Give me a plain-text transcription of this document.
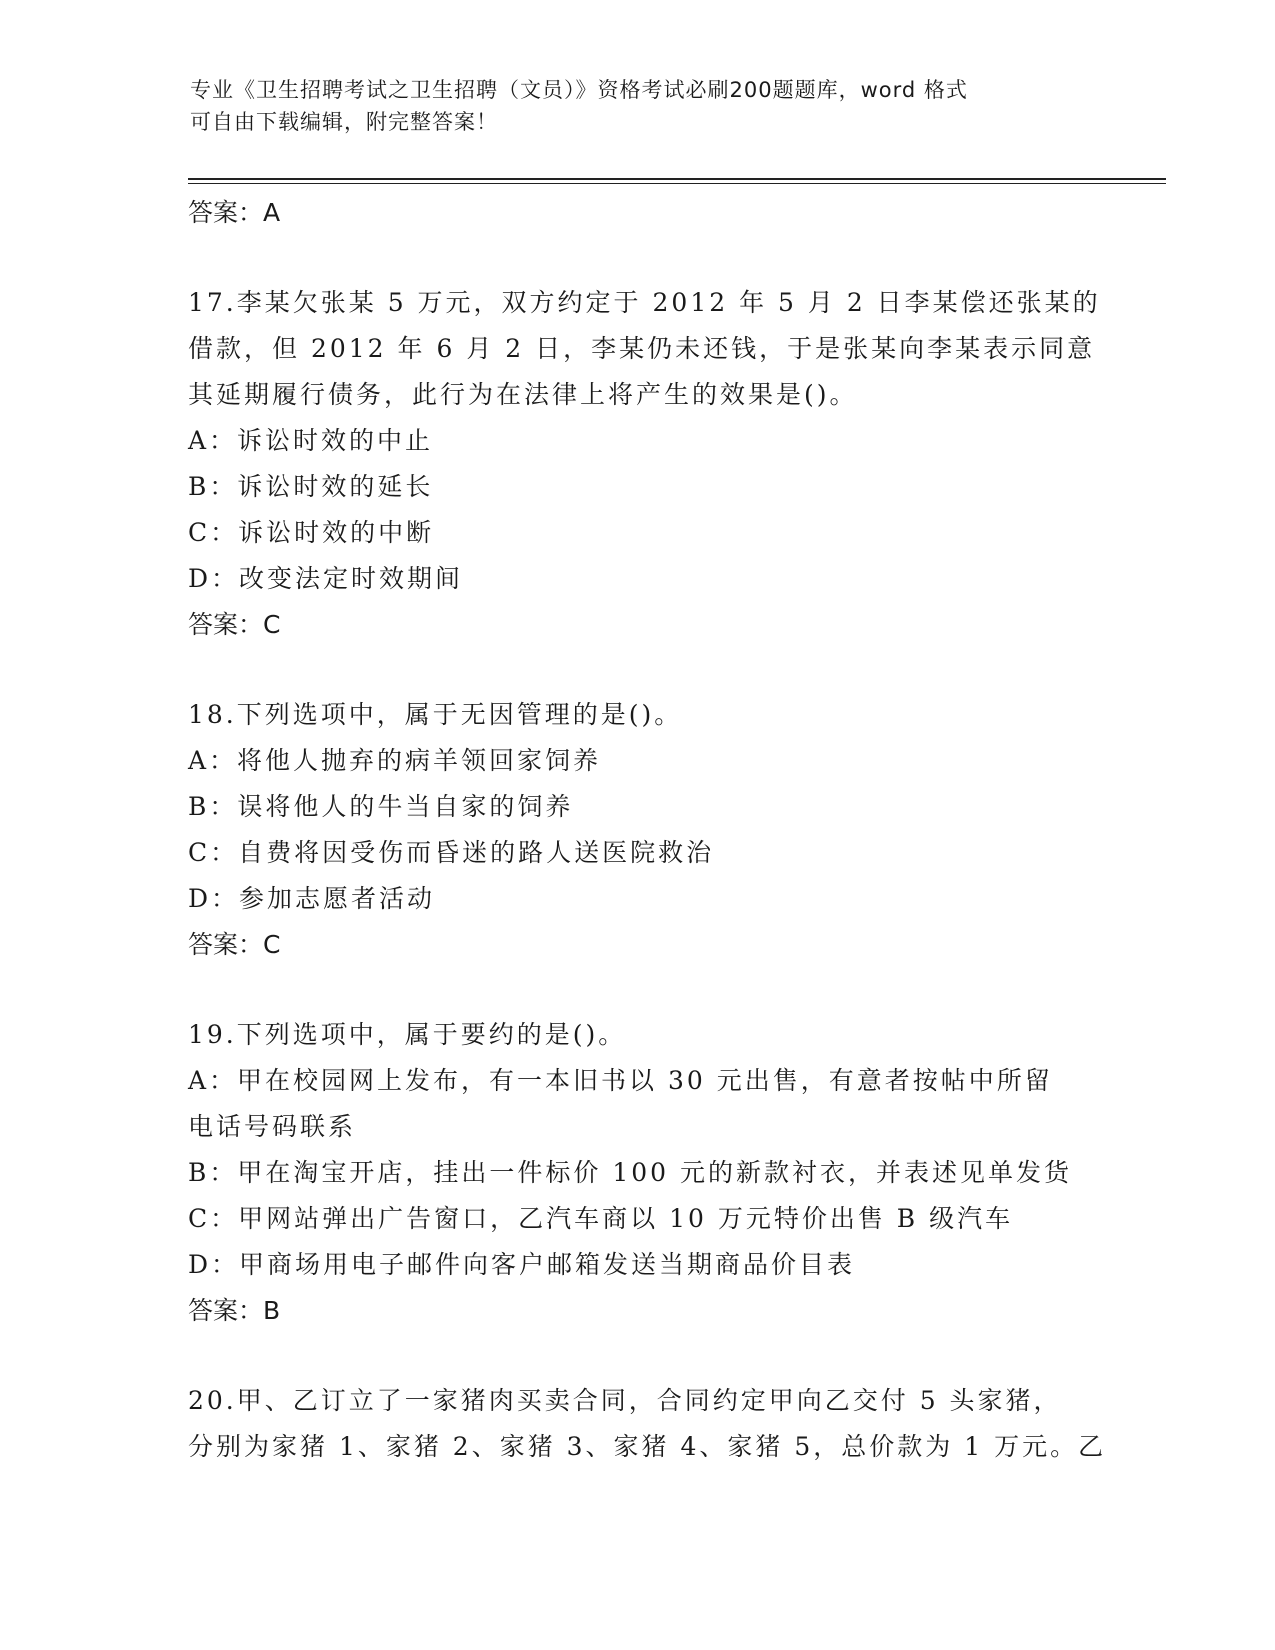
专业《卫生招聘考试之卫生招聘（文员）》资格考试必刷200题题库，word 格式
可自由下载编辑，附完整答案！
答案：A
17.李某欠张某 5 万元，双方约定于 2012 年 5 月 2 日李某偿还张某的
借款，但 2012 年 6 月 2 日，李某仍未还钱，于是张某向李某表示同意
其延期履行债务，此行为在法律上将产生的效果是()。
A：诉讼时效的中止
B：诉讼时效的延长
C：诉讼时效的中断
D：改变法定时效期间
答案：C
18.下列选项中，属于无因管理的是()。
A：将他人抛弃的病羊领回家饲养
B：误将他人的牛当自家的饲养
C：自费将因受伤而昏迷的路人送医院救治
D：参加志愿者活动
答案：C
19.下列选项中，属于要约的是()。
A：甲在校园网上发布，有一本旧书以 30 元出售，有意者按帖中所留
电话号码联系
B：甲在淘宝开店，挂出一件标价 100 元的新款衬衣，并表述见单发货
C：甲网站弹出广告窗口，乙汽车商以 10 万元特价出售 B 级汽车
D：甲商场用电子邮件向客户邮箱发送当期商品价目表
答案：B
20.甲、乙订立了一家猪肉买卖合同，合同约定甲向乙交付 5 头家猪，
分别为家猪 1、家猪 2、家猪 3、家猪 4、家猪 5，总价款为 1 万元。乙
